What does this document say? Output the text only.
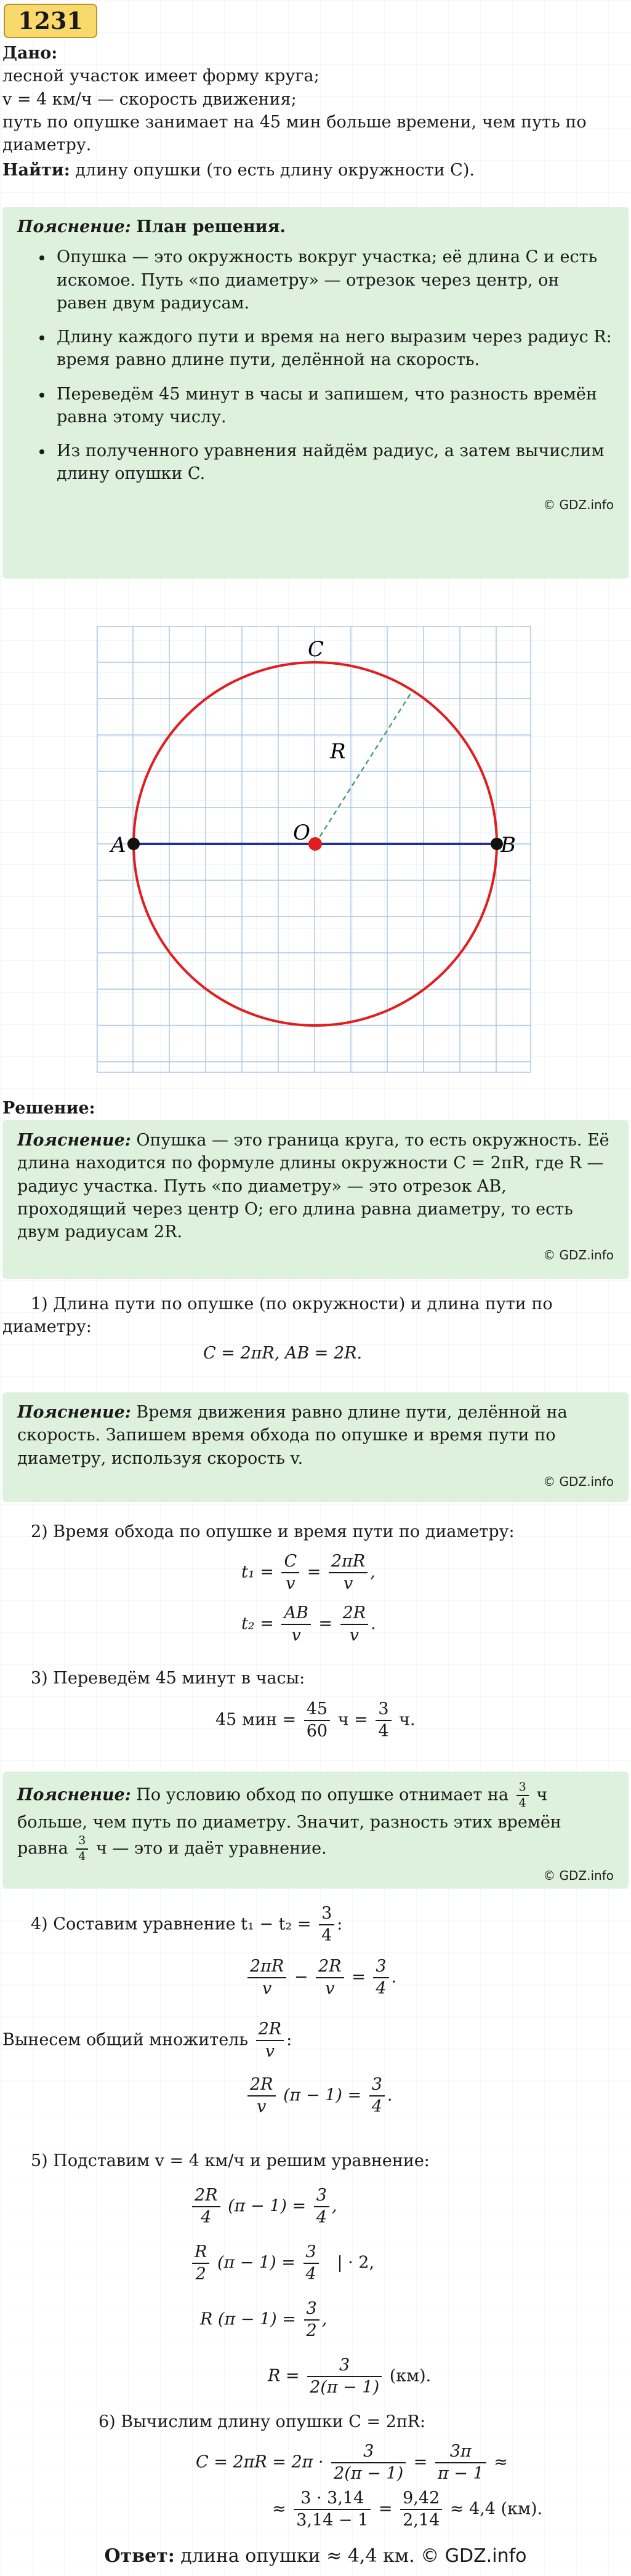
1231

Дано:

лесной участок имеет форму круга;

v = 4 км/ч — скорость движения;

путь по опушке занимает на 45 мин больше времени, чем путь по диаметру.

Найти: длину опушки (то есть длину окружности C).

Пояснение: План решения.

• Опушка — это окружность вокруг участка; её длина C и есть искомое. Путь «по диаметру» — отрезок через центр, он равен двум радиусам.
• Длину каждого пути и время на него выразим через радиус R: время равно длине пути, делённой на скорость.
• Переведём 45 минут в часы и запишем, что разность времён равна этому числу.
• Из полученного уравнения найдём радиус, а затем вычислим длину опушки C.
© GDZ.info
C
R
O
A	B
Решение:

Пояснение: Опушка — это граница круга, то есть окружность. Её длина находится по формуле длины окружности C = 2πR, где R — радиус участка. Путь «по диаметру» — это отрезок AB, проходящий через центр O; его длина равна диаметру, то есть двум радиусам 2R.

© GDZ.info
1) Длина пути по опушке (по окружности) и длина пути по диаметру:
C = 2πR, AB = 2R.

Пояснение: Время движения равно длине пути, делённой на скорость. Запишем время обхода по опушке и время пути по диаметру, используя скорость v.

© GDZ.info
2) Время обхода по опушке и время пути по диаметру:
$t_1 = \frac{C}{v} = \frac{2\pi R}{v}$ ,
$t_2 = \frac{AB}{v} = \frac{2R}{v}$ .
3) Переведём 45 минут в часы:
45 мин = $\frac{45}{60}$ $ч = \frac{3}{4} ч$.

Пояснение: По условию обход по опушке отнимает на $\frac{3}{4}$ ч больше, чем путь по диаметру. Значит, разность этих времён равна $\frac{3}{4}$ ч — это и даёт уравнение.

© GDZ.info
4) Составим уравнение $t_1 - t_2 = \frac{3}{4}$ :
$\frac{2\pi R}{v} - \frac{2R}{v} = \frac{3}{4}$ .
Вынесем общий множитель $\frac{2R}{v}$ :
$\frac{2R}{v} (\pi - 1) = \frac{3}{4}$ .
5) Подставим v = 4 км/ч и решим уравнение:
$\frac{2R}{4} (\pi - 1) = \frac{3}{4}$ ,
$\frac{R}{2} (\pi - 1) = \frac{3}{4}$ | · 2,
R $(\pi - 1) = \frac{3}{2}$ ,
$R = \frac{3}{2(\pi - 1)} (км)$.
6) Вычислим длину опушки C = 2πR:
$C = 2\pi R = 2\pi \cdot \frac{3}{2(\pi - 1)} = \frac{3\pi}{\pi - 1}$ ≈
≈ $\frac{3 \cdot 3,14}{3,14 - 1} = \frac{9,42}{2,14} \approx 4,4$ (км).
Ответ: длина опушки ≈ 4,4 км. © GDZ.info
